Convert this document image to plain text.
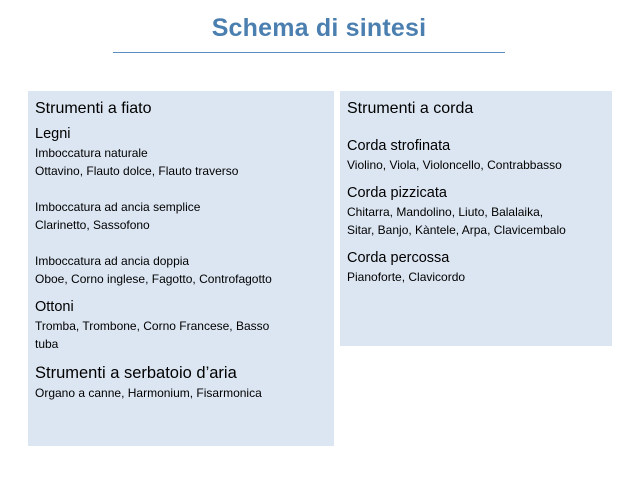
Schema di sintesi
Strumenti a fiato
Legni
Imboccatura naturale
Ottavino, Flauto dolce, Flauto traverso
Imboccatura ad ancia semplice
Clarinetto, Sassofono
Imboccatura ad ancia doppia
Oboe, Corno inglese, Fagotto, Controfagotto
Ottoni
Tromba, Trombone, Corno Francese, Basso
tuba
Strumenti a serbatoio d’aria
Organo a canne, Harmonium, Fisarmonica
Strumenti a corda
Corda strofinata
Violino, Viola, Violoncello, Contrabbasso
Corda pizzicata
Chitarra, Mandolino, Liuto, Balalaika,
Sitar, Banjo, Kàntele, Arpa, Clavicembalo
Corda percossa
Pianoforte, Clavicordo
